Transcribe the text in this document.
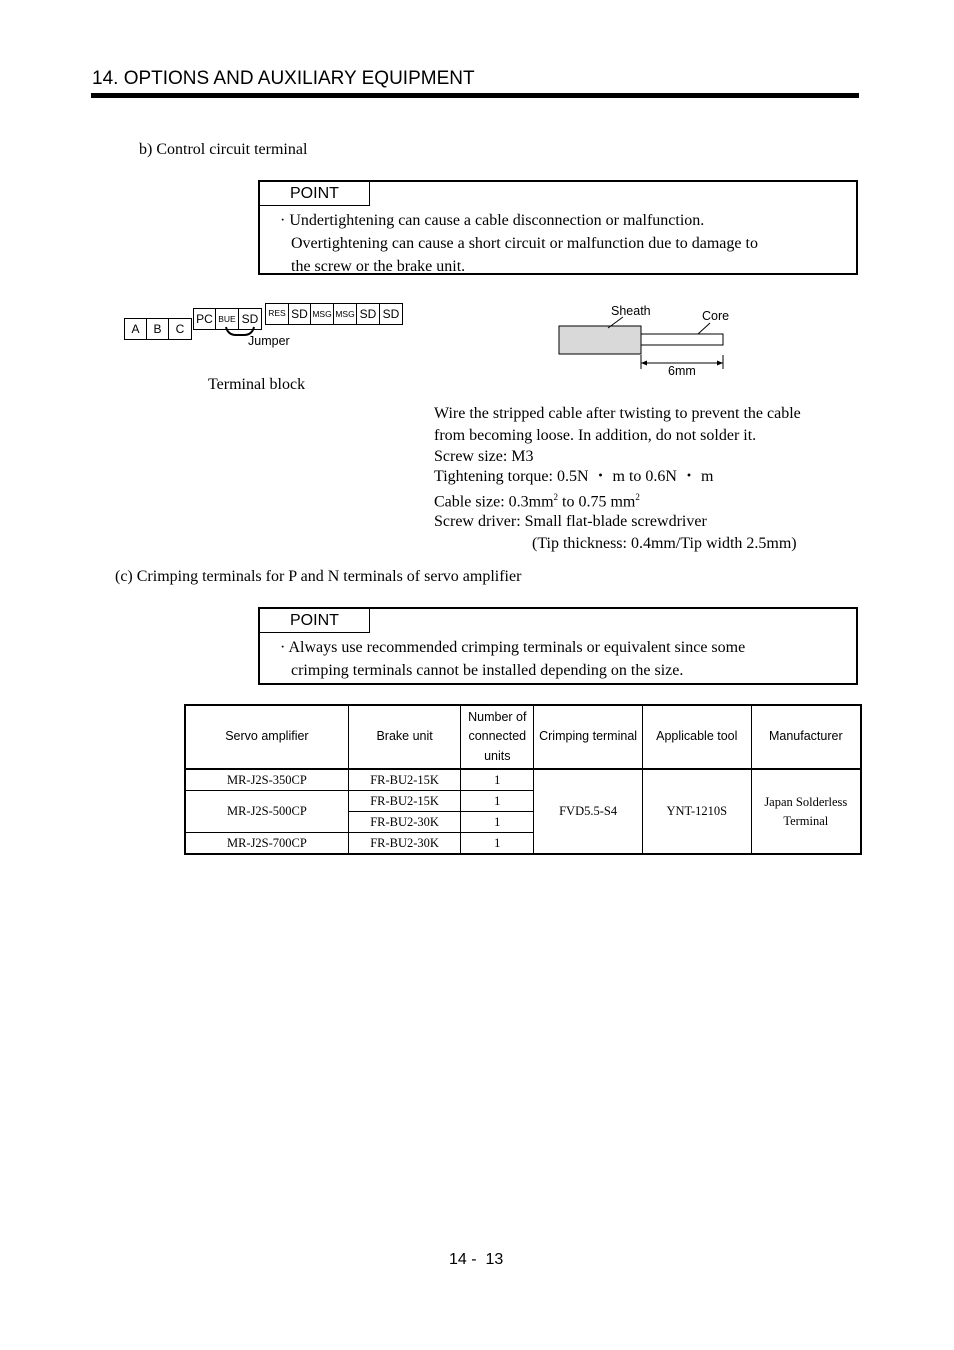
14. OPTIONS AND AUXILIARY EQUIPMENT
b) Control circuit terminal
POINT
· Undertightening can cause a cable disconnection or malfunction.
Overtightening can cause a short circuit or malfunction due to damage to
the screw or the brake unit.
A	B	C
PC BUE SD	RES SD MSG MSG SD SD
Jumper
Terminal block
Sheath	Core
6mm
Wire the stripped cable after twisting to prevent the cable
from becoming loose. In addition, do not solder it.
Screw size: M3
Tightening torque: 0.5N ・ m to 0.6N ・ m
Cable size: $0.3mm^2$ to 0.75 $mm^2$
Screw driver: Small flat-blade screwdriver
(Tip thickness: 0.4mm/Tip width 2.5mm)
(c) Crimping terminals for P and N terminals of servo amplifier
POINT
· Always use recommended crimping terminals or equivalent since some
crimping terminals cannot be installed depending on the size.
Servo amplifier	Brake unit	Number of
connected
units	Crimping terminal	Applicable tool	Manufacturer
MR-J2S-350CP	FR-BU2-15K	1	FVD5.5-S4	YNT-1210S	Japan Solderless
Terminal

MR-J2S-500CP	FR-BU2-15K	1			
	FR-BU2-30K	1			
MR-J2S-700CP	FR-BU2-30K	1			
14 -  13
